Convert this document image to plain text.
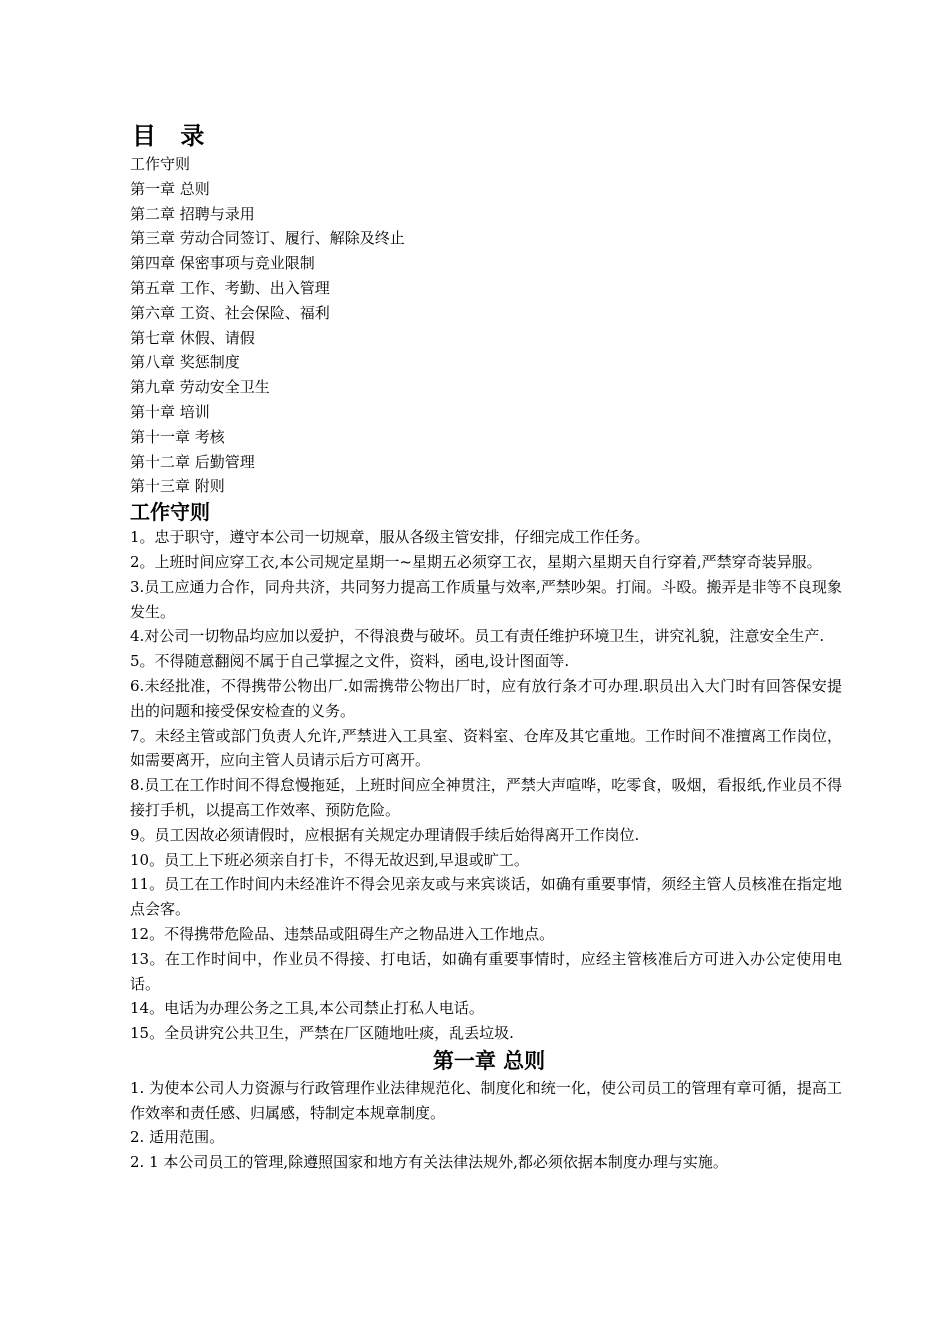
目 录
工作守则
第一章 总则
第二章 招聘与录用
第三章 劳动合同签订、履行、解除及终止
第四章 保密事项与竞业限制
第五章 工作、考勤、出入管理
第六章 工资、社会保险、福利
第七章 休假、请假
第八章 奖惩制度
第九章 劳动安全卫生
第十章 培训
第十一章 考核
第十二章 后勤管理
第十三章 附则
工作守则
1。忠于职守，遵守本公司一切规章，服从各级主管安排，仔细完成工作任务。
2。上班时间应穿工衣,本公司规定星期一~星期五必须穿工衣，星期六星期天自行穿着,严禁穿奇装异服。
3.员工应通力合作，同舟共济，共同努力提高工作质量与效率,严禁吵架。打闹。斗殴。搬弄是非等不良现象发生。
4.对公司一切物品均应加以爱护，不得浪费与破坏。员工有责任维护环境卫生，讲究礼貌，注意安全生产.
5。不得随意翻阅不属于自己掌握之文件，资料，函电,设计图面等.
6.未经批准，不得携带公物出厂.如需携带公物出厂时，应有放行条才可办理.职员出入大门时有回答保安提出的问题和接受保安检查的义务。
7。未经主管或部门负责人允许,严禁进入工具室、资料室、仓库及其它重地。工作时间不准擅离工作岗位，如需要离开，应向主管人员请示后方可离开。
8.员工在工作时间不得怠慢拖延，上班时间应全神贯注，严禁大声喧哗，吃零食，吸烟，看报纸,作业员不得接打手机，以提高工作效率、预防危险。
9。员工因故必须请假时，应根据有关规定办理请假手续后始得离开工作岗位.
10。员工上下班必须亲自打卡，不得无故迟到,早退或旷工。
11。员工在工作时间内未经准许不得会见亲友或与来宾谈话，如确有重要事情，须经主管人员核准在指定地点会客。
12。不得携带危险品、违禁品或阻碍生产之物品进入工作地点。
13。在工作时间中，作业员不得接、打电话，如确有重要事情时，应经主管核准后方可进入办公定使用电话。
14。电话为办理公务之工具,本公司禁止打私人电话。
15。全员讲究公共卫生，严禁在厂区随地吐痰，乱丢垃圾.
第一章 总则
1. 为使本公司人力资源与行政管理作业法律规范化、制度化和统一化，使公司员工的管理有章可循，提高工作效率和责任感、归属感，特制定本规章制度。
2. 适用范围。
2. 1 本公司员工的管理,除遵照国家和地方有关法律法规外,都必须依据本制度办理与实施。
